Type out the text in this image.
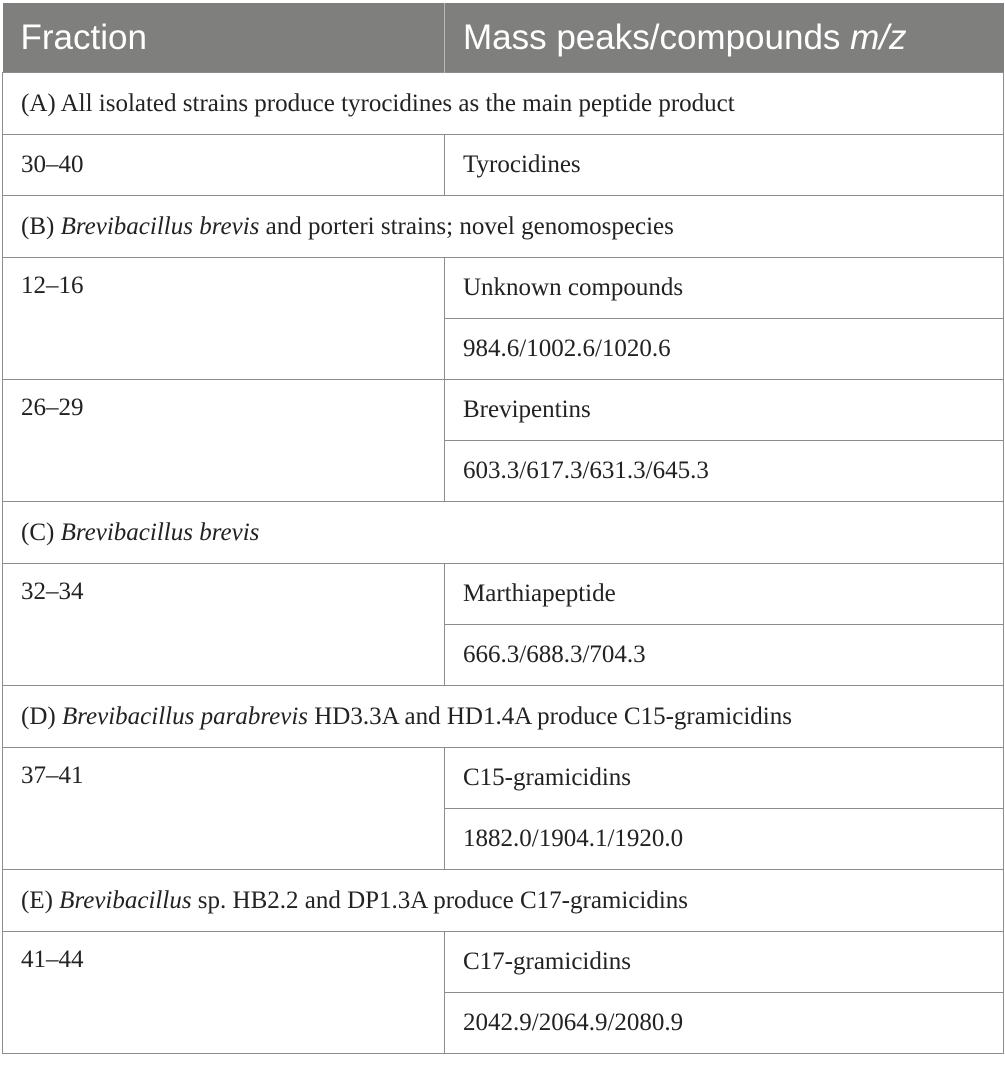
Fraction	Mass peaks/compounds m/z
(A) All isolated strains produce tyrocidines as the main peptide product	
30–40	Tyrocidines
(B) Brevibacillus brevis and porteri strains; novel genomospecies	
12–16	Unknown compounds
	984.6/1002.6/1020.6
26–29	Brevipentins
	603.3/617.3/631.3/645.3
(C) Brevibacillus brevis	
32–34	Marthiapeptide
	666.3/688.3/704.3
(D) Brevibacillus parabrevis HD3.3A and HD1.4A produce C15-gramicidins	
37–41	C15-gramicidins
	1882.0/1904.1/1920.0
(E) Brevibacillus sp. HB2.2 and DP1.3A produce C17-gramicidins	
41–44	C17-gramicidins
	2042.9/2064.9/2080.9
